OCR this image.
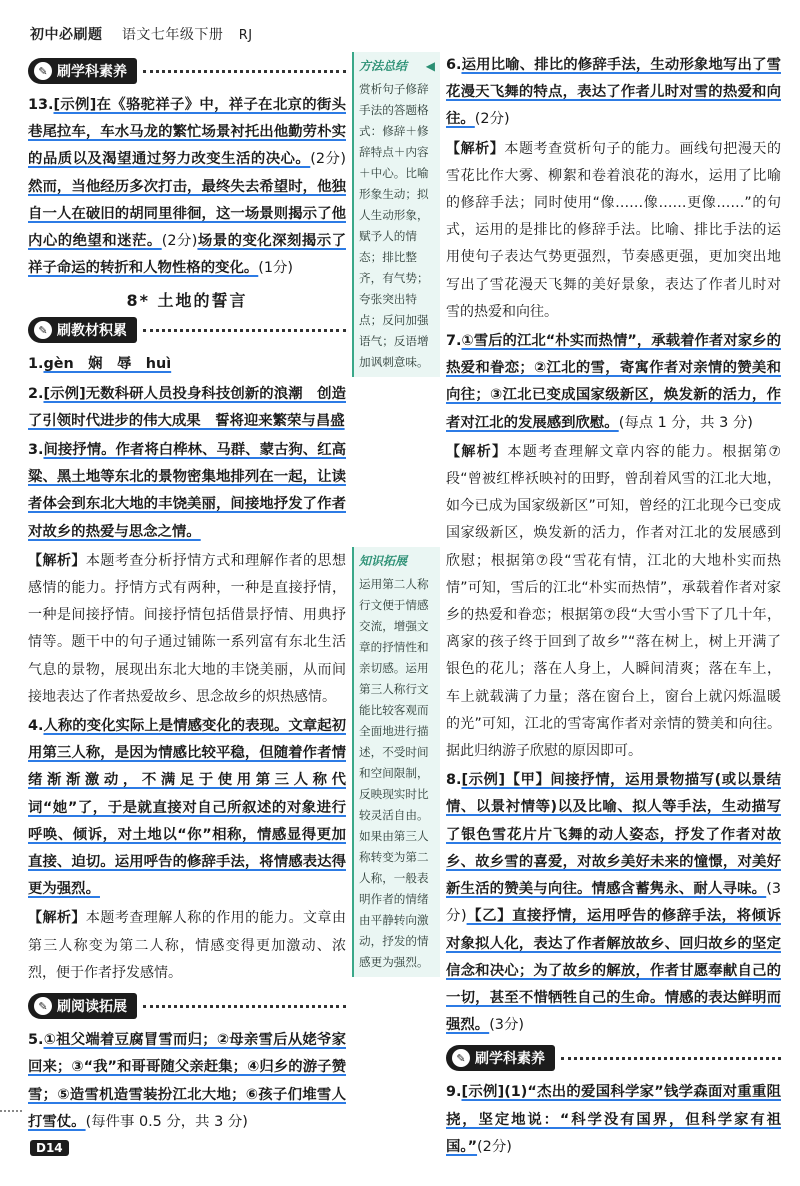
初中必刷题 语文七年级下册 RJ
✎ 刷学科素养
13.[示例]在《骆驼祥子》中，祥子在北京的街头巷尾拉车，车水马龙的繁忙场景衬托出他勤劳朴实的品质以及渴望通过努力改变生活的决心。(2分)然而，当他经历多次打击，最终失去希望时，他独自一人在破旧的胡同里徘徊，这一场景则揭示了他内心的绝望和迷茫。(2分)场景的变化深刻揭示了祥子命运的转折和人物性格的变化。(1分)
8* 土地的誓言
✎ 刷教材积累
1.gèn　娴　辱　huì
2.[示例]无数科研人员投身科技创新的浪潮　创造了引领时代进步的伟大成果　誓将迎来繁荣与昌盛
3.间接抒情。作者将白桦林、马群、蒙古狗、红高粱、黑土地等东北的景物密集地排列在一起，让读者体会到东北大地的丰饶美丽，间接地抒发了作者对故乡的热爱与思念之情。
【解析】本题考查分析抒情方式和理解作者的思想感情的能力。抒情方式有两种，一种是直接抒情，一种是间接抒情。间接抒情包括借景抒情、用典抒情等。题干中的句子通过铺陈一系列富有东北生活气息的景物，展现出东北大地的丰饶美丽，从而间接地表达了作者热爱故乡、思念故乡的炽热感情。
4.人称的变化实际上是情感变化的表现。文章起初用第三人称，是因为情感比较平稳，但随着作者情绪渐渐激动，不满足于使用第三人称代词“她”了，于是就直接对自己所叙述的对象进行呼唤、倾诉，对土地以“你”相称，情感显得更加直接、迫切。运用呼告的修辞手法，将情感表达得更为强烈。
【解析】本题考查理解人称的作用的能力。文章由第三人称变为第二人称，情感变得更加激动、浓烈，便于作者抒发感情。
✎ 刷阅读拓展
5.①祖父端着豆腐冒雪而归；②母亲雪后从姥爷家回来；③“我”和哥哥随父亲赶集；④归乡的游子赞雪；⑤造雪机造雪装扮江北大地；⑥孩子们堆雪人打雪仗。(每件事 0.5 分，共 3 分)
方法总结 ◀
赏析句子修辞手法的答题格式：修辞＋修辞特点＋内容＋中心。比喻形象生动；拟人生动形象，赋予人的情态；排比整齐，有气势；夸张突出特点；反问加强语气；反语增加讽刺意味。
知识拓展
运用第二人称行文便于情感交流，增强文章的抒情性和亲切感。运用第三人称行文能比较客观而全面地进行描述，不受时间和空间限制，反映现实时比较灵活自由。如果由第三人称转变为第二人称，一般表明作者的情绪由平静转向激动，抒发的情感更为强烈。
6.运用比喻、排比的修辞手法，生动形象地写出了雪花漫天飞舞的特点，表达了作者儿时对雪的热爱和向往。(2分)
【解析】本题考查赏析句子的能力。画线句把漫天的雪花比作大雾、柳絮和卷着浪花的海水，运用了比喻的修辞手法；同时使用“像……像……更像……”的句式，运用的是排比的修辞手法。比喻、排比手法的运用使句子表达气势更强烈，节奏感更强，更加突出地写出了雪花漫天飞舞的美好景象，表达了作者儿时对雪的热爱和向往。
7.①雪后的江北“朴实而热情”，承载着作者对家乡的热爱和眷恋；②江北的雪，寄寓作者对亲情的赞美和向往；③江北已变成国家级新区，焕发新的活力，作者对江北的发展感到欣慰。(每点 1 分，共 3 分)
【解析】本题考查理解文章内容的能力。根据第⑦段“曾被红桦袄映衬的田野，曾刮着风雪的江北大地，如今已成为国家级新区”可知，曾经的江北现今已变成国家级新区，焕发新的活力，作者对江北的发展感到欣慰；根据第⑦段“雪花有情，江北的大地朴实而热情”可知，雪后的江北“朴实而热情”，承载着作者对家乡的热爱和眷恋；根据第⑦段“大雪小雪下了几十年，离家的孩子终于回到了故乡”“落在树上，树上开满了银色的花儿；落在人身上，人瞬间清爽；落在车上，车上就载满了力量；落在窗台上，窗台上就闪烁温暖的光”可知，江北的雪寄寓作者对亲情的赞美和向往。据此归纳游子欣慰的原因即可。
8.[示例]【甲】间接抒情，运用景物描写(或以景结情、以景衬情等)以及比喻、拟人等手法，生动描写了银色雪花片片飞舞的动人姿态，抒发了作者对故乡、故乡雪的喜爱，对故乡美好未来的憧憬，对美好新生活的赞美与向往。情感含蓄隽永、耐人寻味。(3分)【乙】直接抒情，运用呼告的修辞手法，将倾诉对象拟人化，表达了作者解放故乡、回归故乡的坚定信念和决心；为了故乡的解放，作者甘愿奉献自己的一切，甚至不惜牺牲自己的生命。情感的表达鲜明而强烈。(3分)
✎ 刷学科素养
9.[示例](1)“杰出的爱国科学家”钱学森面对重重阻挠，坚定地说：“科学没有国界，但科学家有祖国。”(2分)
D14
